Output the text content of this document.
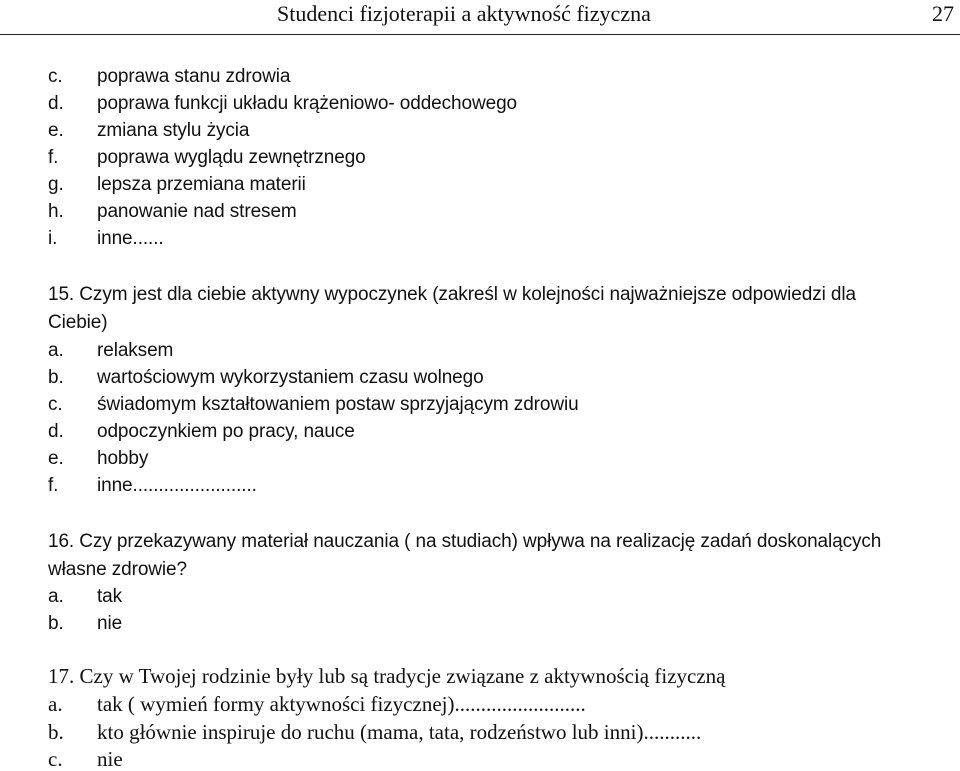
Studenci fizjoterapii a aktywność fizyczna	27
c. poprawa stanu zdrowia
d. poprawa funkcji układu krążeniowo- oddechowego
e. zmiana stylu życia
f. poprawa wyglądu zewnętrznego
g. lepsza przemiana materii
h. panowanie nad stresem
i. inne......
15. Czym jest dla ciebie aktywny wypoczynek (zakreśl w kolejności najważniejsze odpowiedzi dla
Ciebie)
a. relaksem
b. wartościowym wykorzystaniem czasu wolnego
c. świadomym kształtowaniem postaw sprzyjającym zdrowiu
d. odpoczynkiem po pracy, nauce
e. hobby
f. inne........................
16. Czy przekazywany materiał nauczania ( na studiach) wpływa na realizację zadań doskonalących
własne zdrowie?
a. tak
b. nie
17. Czy w Twojej rodzinie były lub są tradycje związane z aktywnością fizyczną
a. tak ( wymień formy aktywności fizycznej).........................
b. kto głównie inspiruje do ruchu (mama, tata, rodzeństwo lub inni)...........
c. nie
